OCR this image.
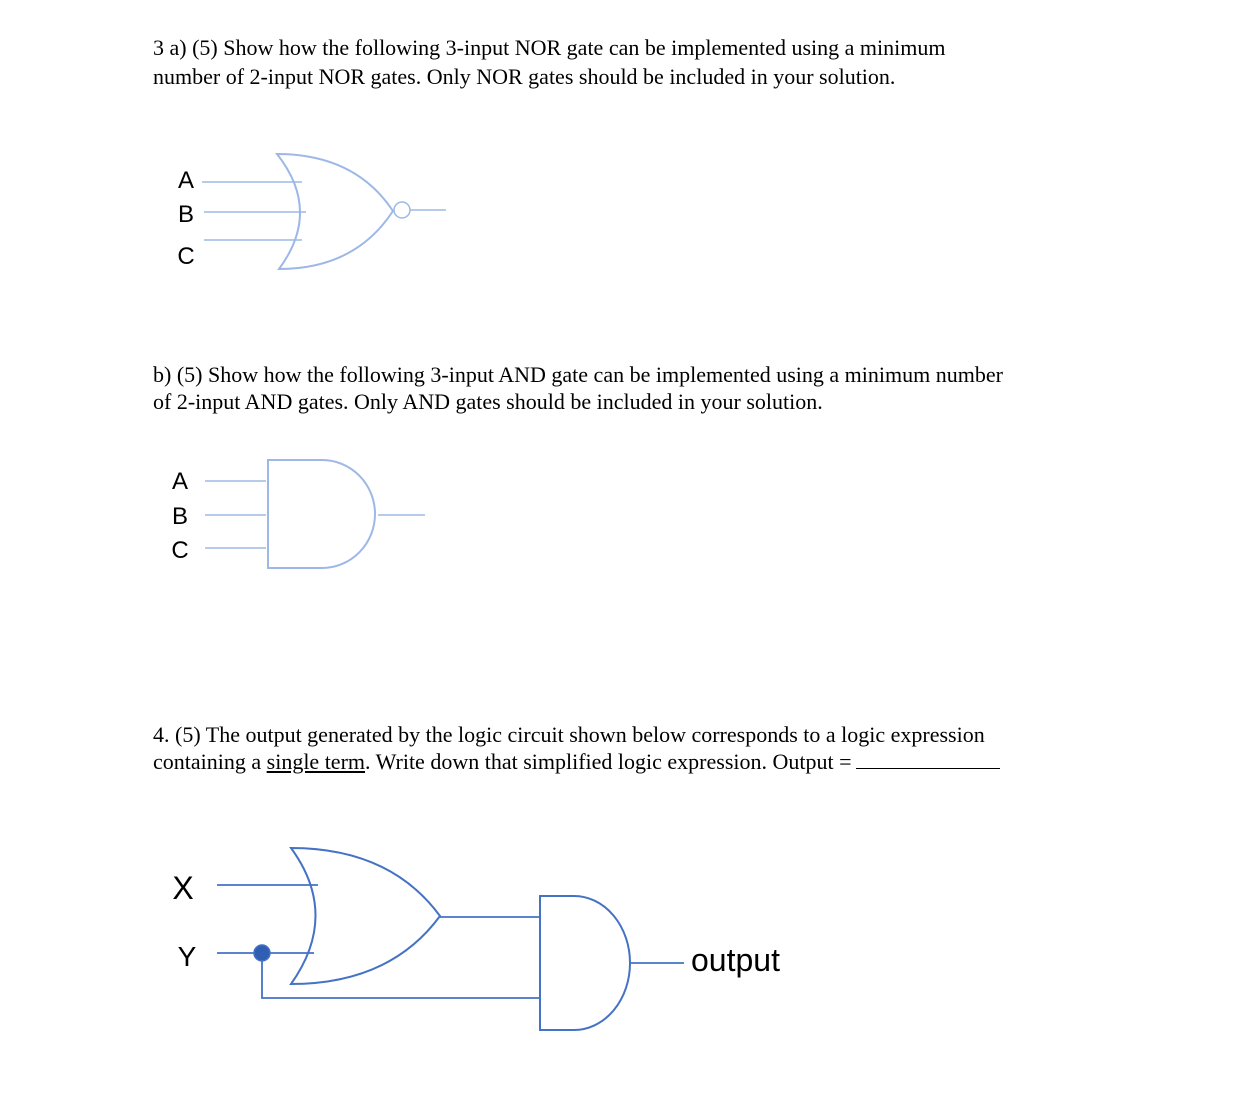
3 a) (5) Show how the following 3-input NOR gate can be implemented using a minimum

number of 2-input NOR gates. Only NOR gates should be included in your solution.

b) (5) Show how the following 3-input AND gate can be implemented using a minimum number

of 2-input AND gates. Only AND gates should be included in your solution.

4. (5) The output generated by the logic circuit shown below corresponds to a logic expression

containing a single term. Write down that simplified logic expression. Output =

A
B
C
A
B
C
X
Y	output
